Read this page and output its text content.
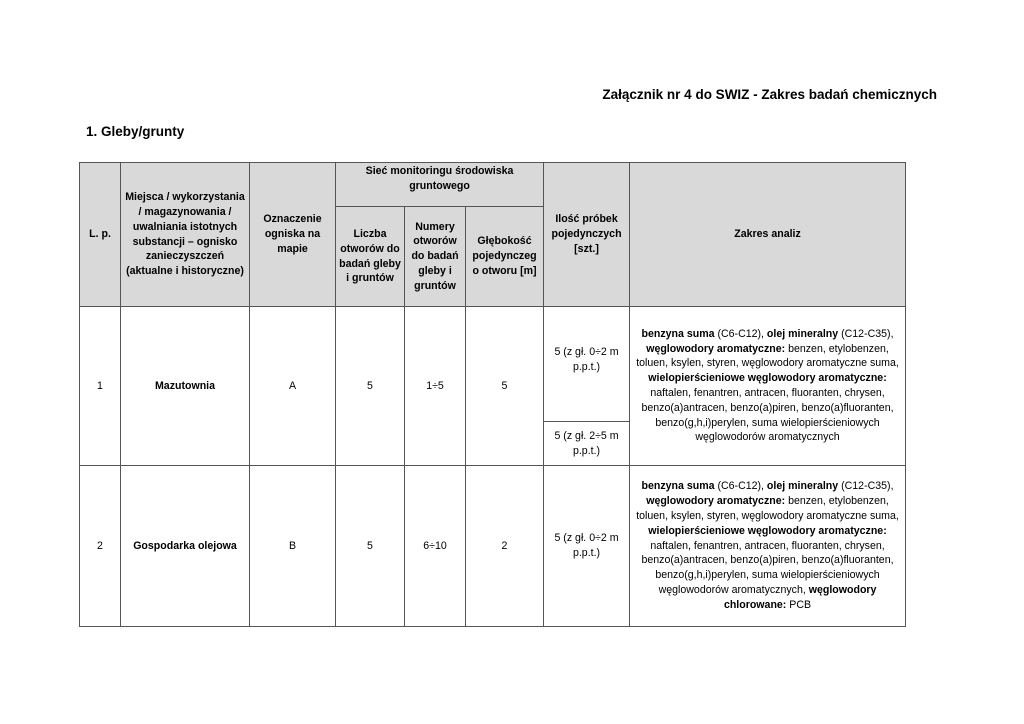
Załącznik nr 4 do SWIZ - Zakres badań chemicznych
1. Gleby/grunty
L. p.	Miejsca / wykorzystania / magazynowania / uwalniania istotnych substancji – ognisko zanieczyszczeń (aktualne i historyczne)	Oznaczenie ogniska na mapie	Sieć monitoringu środowiska gruntowego			Ilość próbek pojedynczych [szt.]	Zakres analiz
			Liczba otworów do badań gleby i gruntów	Numery otworów do badań gleby i gruntów	Głębokość pojedynczeg o otworu [m]		
1	Mazutownia	A	5	1÷5	5	5 (z gł. 0÷2 m p.p.t.)	benzyna suma (C6-C12), olej mineralny (C12-C35), węglowodory aromatyczne: benzen, etylobenzen, toluen, ksylen, styren, węglowodory aromatyczne suma, wielopierścieniowe węglowodory aromatyczne: naftalen, fenantren, antracen, fluoranten, chrysen, benzo(a)antracen, benzo(a)piren, benzo(a)fluoranten, benzo(g,h,i)perylen, suma wielopierścieniowych węglowodorów aromatycznych
						5 (z gł. 2÷5 m p.p.t.)	
2	Gospodarka olejowa	B	5	6÷10	2	5 (z gł. 0÷2 m p.p.t.)	benzyna suma (C6-C12), olej mineralny (C12-C35), węglowodory aromatyczne: benzen, etylobenzen, toluen, ksylen, styren, węglowodory aromatyczne suma, wielopierścieniowe węglowodory aromatyczne: naftalen, fenantren, antracen, fluoranten, chrysen, benzo(a)antracen, benzo(a)piren, benzo(a)fluoranten, benzo(g,h,i)perylen, suma wielopierścieniowych węglowodorów aromatycznych, węglowodory chlorowane: PCB
